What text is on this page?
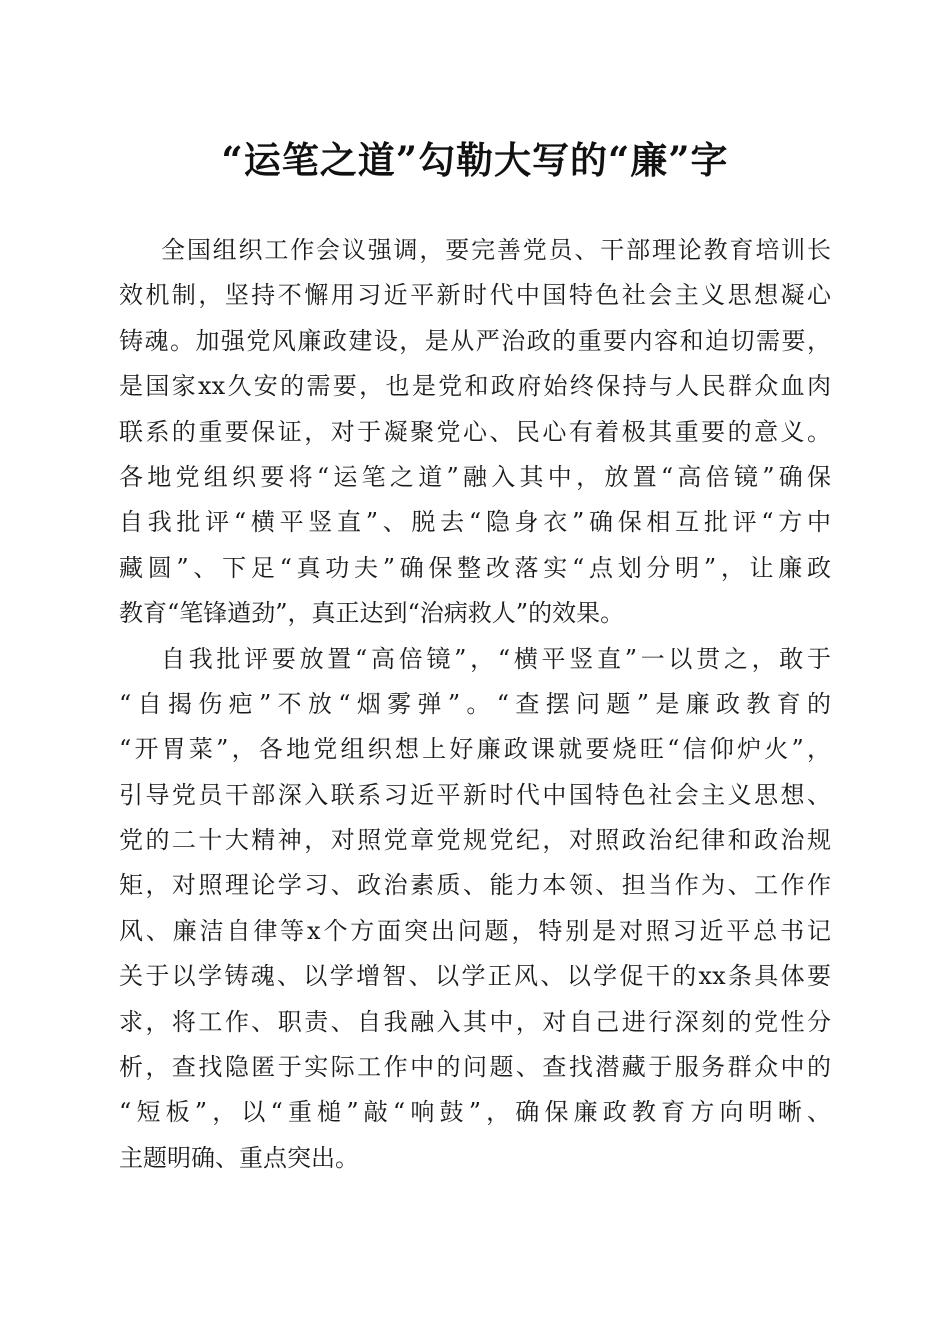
“运笔之道”勾勒大写的“廉”字
全国组织工作会议强调，要完善党员、干部理论教育培训长
效机制，坚持不懈用习近平新时代中国特色社会主义思想凝心
铸魂。加强党风廉政建设，是从严治政的重要内容和迫切需要，
是国家xx久安的需要，也是党和政府始终保持与人民群众血肉
联系的重要保证，对于凝聚党心、民心有着极其重要的意义。
各地党组织要将“运笔之道”融入其中，放置“高倍镜”确保
自我批评“横平竖直”、脱去“隐身衣”确保相互批评“方中
藏圆”、下足“真功夫”确保整改落实“点划分明”，让廉政
教育“笔锋遒劲”，真正达到“治病救人”的效果。
自我批评要放置“高倍镜”，“横平竖直”一以贯之，敢于
“自揭伤疤”不放“烟雾弹”。“查摆问题”是廉政教育的
“开胃菜”，各地党组织想上好廉政课就要烧旺“信仰炉火”，
引导党员干部深入联系习近平新时代中国特色社会主义思想、
党的二十大精神，对照党章党规党纪，对照政治纪律和政治规
矩，对照理论学习、政治素质、能力本领、担当作为、工作作
风、廉洁自律等x个方面突出问题，特别是对照习近平总书记
关于以学铸魂、以学增智、以学正风、以学促干的xx条具体要
求，将工作、职责、自我融入其中，对自己进行深刻的党性分
析，查找隐匿于实际工作中的问题、查找潜藏于服务群众中的
“短板”，以“重槌”敲“响鼓”，确保廉政教育方向明晰、
主题明确、重点突出。
